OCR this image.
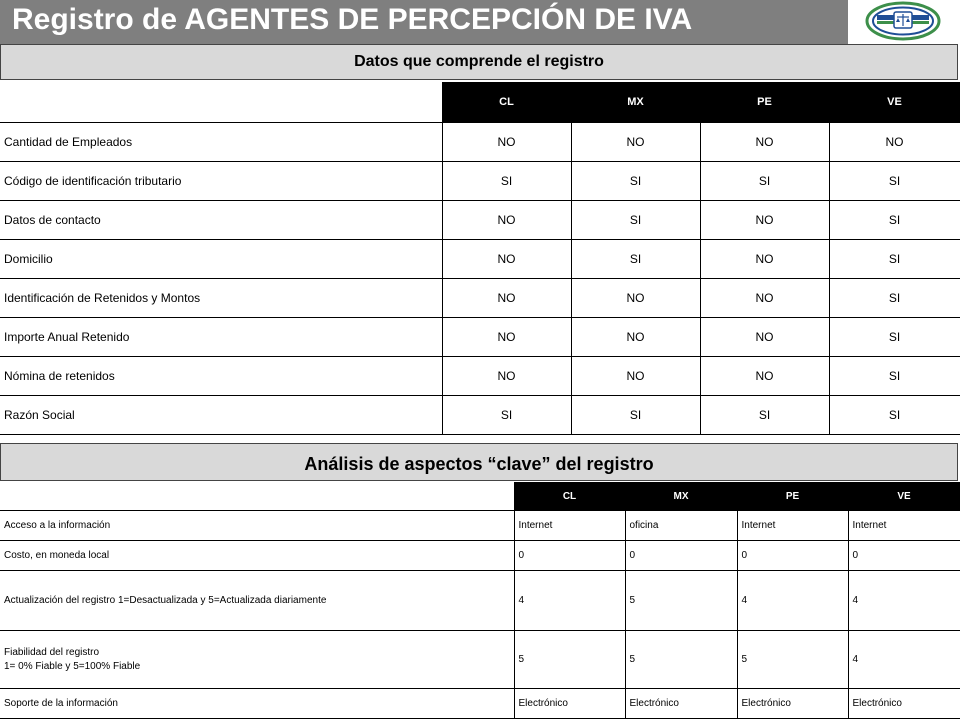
Registro de AGENTES DE PERCEPCIÓN DE IVA
Datos que comprende el registro
	CL	MX	PE	VE
Cantidad de Empleados	NO	NO	NO	NO
Código de identificación tributario	SI	SI	SI	SI
Datos de contacto	NO	SI	NO	SI
Domicilio	NO	SI	NO	SI
Identificación de Retenidos y Montos	NO	NO	NO	SI
Importe Anual Retenido	NO	NO	NO	SI
Nómina de retenidos	NO	NO	NO	SI
Razón Social	SI	SI	SI	SI
Análisis de aspectos “clave” del registro
	CL	MX	PE	VE
Acceso a la información	Internet	oficina	Internet	Internet
Costo, en moneda local	0	0	0	0
Actualización del registro 1=Desactualizada y 5=Actualizada diariamente	4	5	4	4

Fiabilidad del registro
1= 0% Fiable y 5=100% Fiable	5	5	5	4
Soporte de la información	Electrónico	Electrónico	Electrónico	Electrónico
